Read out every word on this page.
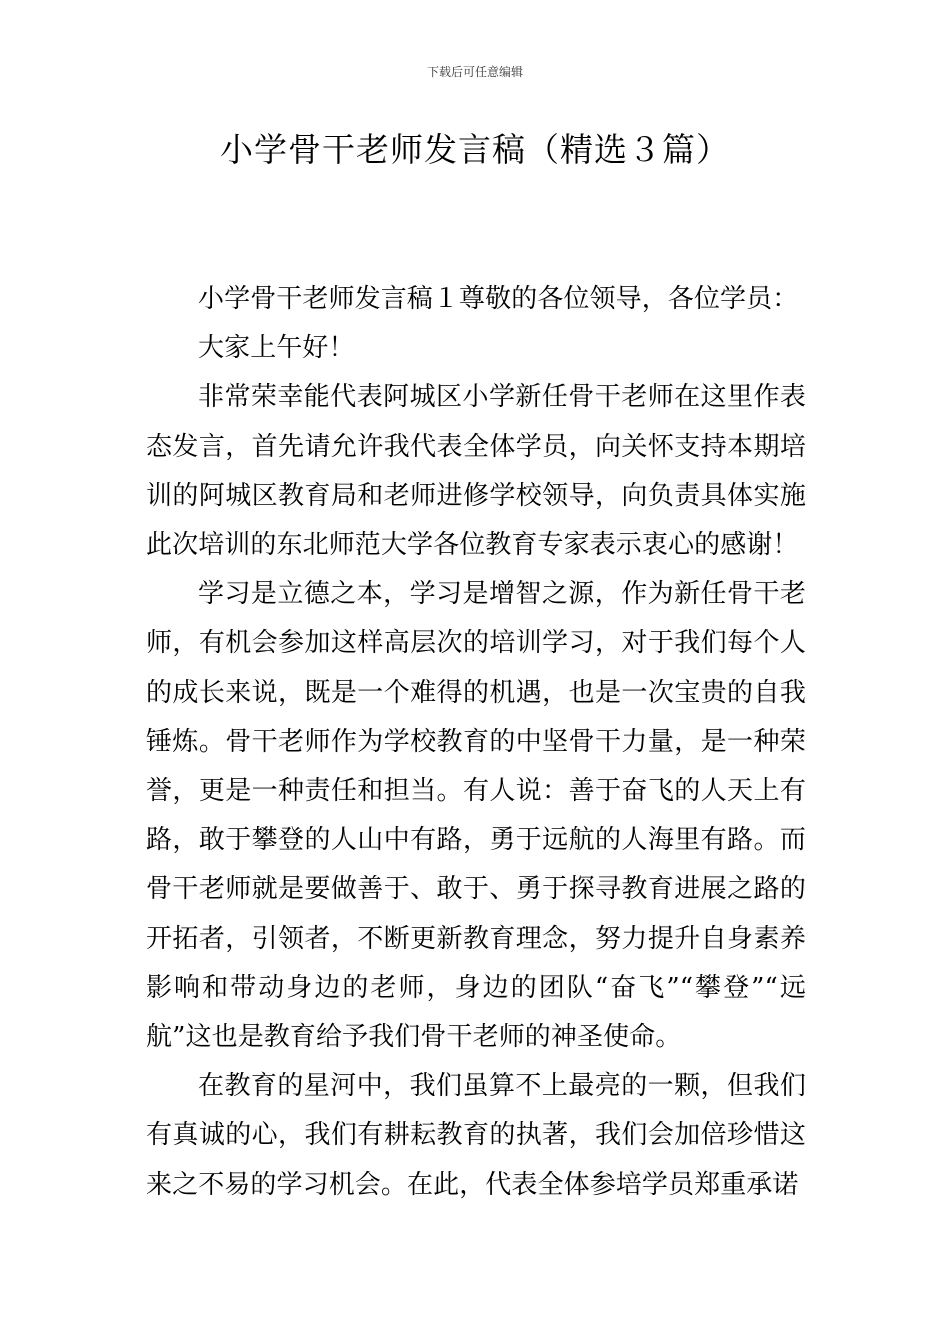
下载后可任意编辑
小学骨干老师发言稿（精选３篇）

小学骨干老师发言稿１尊敬的各位领导，各位学员：

大家上午好！

非常荣幸能代表阿城区小学新任骨干老师在这里作表态发言，首先请允许我代表全体学员，向关怀支持本期培训的阿城区教育局和老师进修学校领导，向负责具体实施此次培训的东北师范大学各位教育专家表示衷心的感谢！

学习是立德之本，学习是增智之源，作为新任骨干老师，有机会参加这样高层次的培训学习，对于我们每个人的成长来说，既是一个难得的机遇，也是一次宝贵的自我锤炼。骨干老师作为学校教育的中坚骨干力量，是一种荣誉，更是一种责任和担当。有人说：善于奋飞的人天上有路，敢于攀登的人山中有路，勇于远航的人海里有路。而骨干老师就是要做善于、敢于、勇于探寻教育进展之路的开拓者，引领者，不断更新教育理念，努力提升自身素养影响和带动身边的老师，身边的团队“奋飞”“攀登”“远航”这也是教育给予我们骨干老师的神圣使命。

在教育的星河中，我们虽算不上最亮的一颗，但我们有真诚的心，我们有耕耘教育的执著，我们会加倍珍惜这来之不易的学习机会。在此，代表全体参培学员郑重承诺
